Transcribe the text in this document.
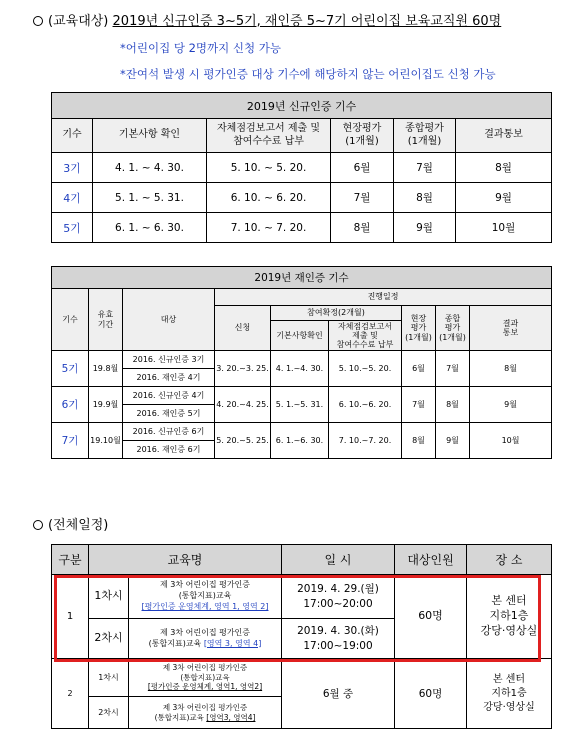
(교육대상) 2019년 신규인증 3~5기, 재인증 5~7기 어린이집 보육교직원 60명
*어린이집 당 2명까지 신청 가능
*잔여석 발생 시 평가인증 대상 기수에 해당하지 않는 어린이집도 신청 가능
2019년 신규인증 기수					
기수	기본사항 확인	자체점검보고서 제출 및
참여수수료 납부	현장평가
(1개월)	종합평가
(1개월)	결과통보
3기	4. 1. ~ 4. 30.	5. 10. ~ 5. 20.	6월	7월	8월
4기	5. 1. ~ 5. 31.	6. 10. ~ 6. 20.	7월	8월	9월
5기	6. 1. ~ 6. 30.	7. 10. ~ 7. 20.	8월	9월	10월
2019년 재인증 기수								
기수	유효
기간	대상	진행일정					
			신청	참여확정(2개월)		현장
평가
(1개월)	종합
평가
(1개월)	결과
통보
				기본사항확인	자체점검보고서
제출 및
참여수수료 납부			
5기	19.8월	2016. 신규인증 3기	3. 20.~3. 25.	4. 1.~4. 30.	5. 10.~5. 20.	6월	7월	8월
		2016. 재인증 4기						
6기	19.9월	2016. 신규인증 4기	4. 20.~4. 25.	5. 1.~5. 31.	6. 10.~6. 20.	7월	8월	9월
		2016. 재인증 5기						
7기	19.10월	2016. 신규인증 6기	5. 20.~5. 25.	6. 1.~6. 30.	7. 10.~7. 20.	8월	9월	10월
		2016. 재인증 6기						
(전체일정)
구분	교육명		일 시	대상인원	장 소
1	1차시	제 3차 어린이집 평가인증
(통합지표)교육
[평가인증 운영체계, 영역 1, 영역 2]	2019. 4. 29.(월)
17:00~20:00	60명	본 센터
지하1층
강당·영상실
	2차시	제 3차 어린이집 평가인증
(통합지표)교육 [영역 3, 영역 4]	2019. 4. 30.(화)
17:00~19:00		
2	1차시	제 3차 어린이집 평가인증
(통합지표)교육
[평가인증 운영체계, 영역1, 영역2]	6월 중	60명	본 센터
지하1층
강당·영상실
	2차시	제 3차 어린이집 평가인증
(통합지표)교육 [영역3, 영역4]			
